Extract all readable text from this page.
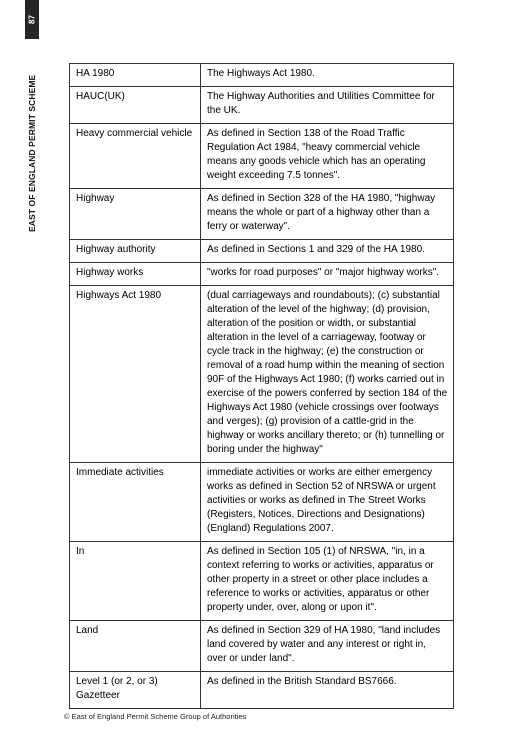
87
EAST OF ENGLAND PERMIT SCHEME
HA 1980	The Highways Act 1980.
HAUC(UK)	The Highway Authorities and Utilities Committee for the UK.
Heavy commercial vehicle	As defined in Section 138 of the Road Traffic Regulation Act 1984, "heavy commercial vehicle means any goods vehicle which has an operating weight exceeding 7.5 tonnes".
Highway	As defined in Section 328 of the HA 1980, "highway means the whole or part of a highway other than a ferry or waterway".
Highway authority	As defined in Sections 1 and 329 of the HA 1980.
Highway works	"works for road purposes" or "major highway works".
Highways Act 1980	(dual carriageways and roundabouts); (c) substantial alteration of the level of the highway; (d) provision, alteration of the position or width, or substantial alteration in the level of a carriageway, footway or cycle track in the highway; (e) the construction or removal of a road hump within the meaning of section 90F of the Highways Act 1980; (f) works carried out in exercise of the powers conferred by section 184 of the Highways Act 1980 (vehicle crossings over footways and verges); (g) provision of a cattle-grid in the highway or works ancillary thereto; or (h) tunnelling or boring under the highway"
Immediate activities	immediate activities or works are either emergency works as defined in Section 52 of NRSWA or urgent activities or works as defined in The Street Works (Registers, Notices, Directions and Designations) (England) Regulations 2007.
In	As defined in Section 105 (1) of NRSWA, "in, in a context referring to works or activities, apparatus or other property in a street or other place includes a reference to works or activities, apparatus or other property under, over, along or upon it".
Land	As defined in Section 329 of HA 1980, "land includes land covered by water and any interest or right in, over or under land".
Level 1 (or 2, or 3) Gazetteer	As defined in the British Standard BS7666.
© East of England Permit Scheme Group of Authorities
